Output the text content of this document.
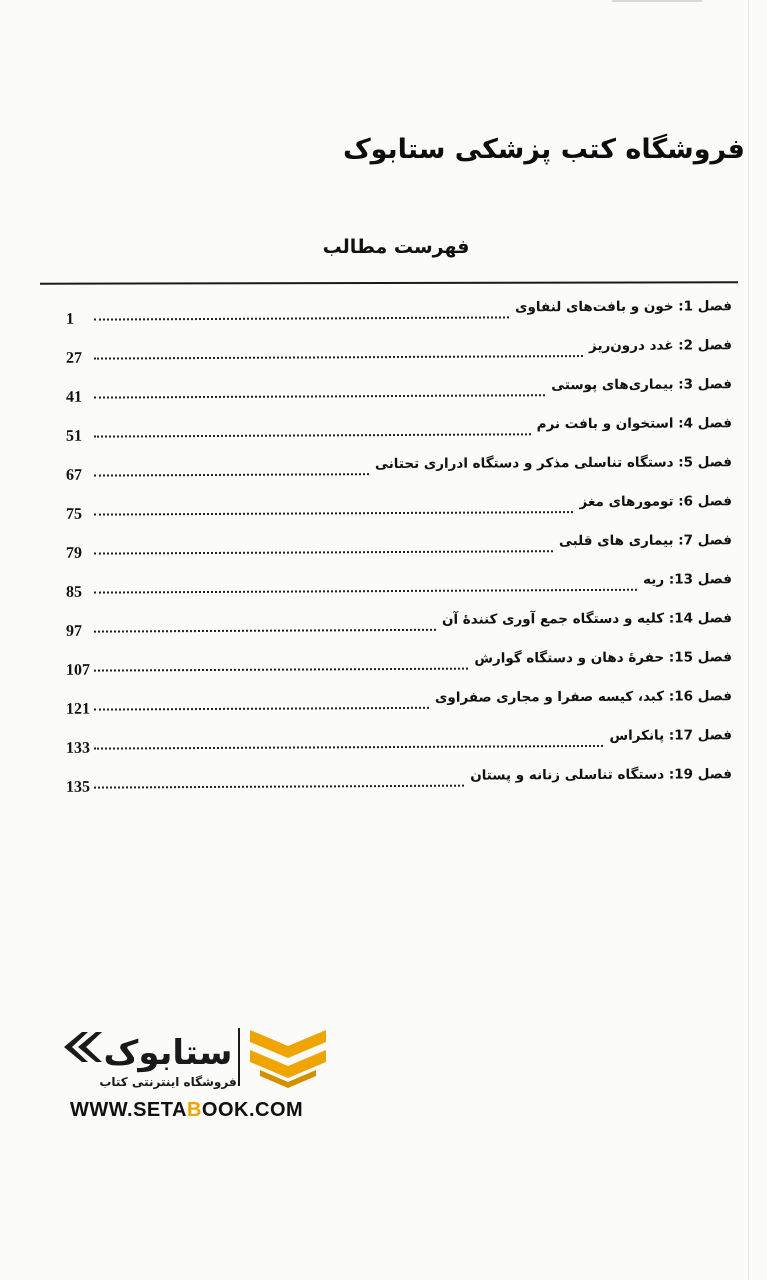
فروشگاه کتب پزشکی ستابوک
فهرست مطالب
فصل 1: خون و بافت‌های لنفاوی
1
فصل 2: غدد درون‌ریز
27
فصل 3: بیماری‌های پوستی
41
فصل 4: استخوان و بافت نرم
51
فصل 5: دستگاه تناسلی مذکر و دستگاه ادراری تحتانی
67
فصل 6: تومورهای مغز
75
فصل 7: بیماری های قلبی
79
فصل 13: ریه
85
فصل 14: کلیه و دستگاه جمع آوری کنندهٔ آن
97
فصل 15: حفرهٔ دهان و دستگاه گوارش
107
فصل 16: کبد، کیسه صفرا و مجاری صفراوی
121
فصل 17: پانکراس
133
فصل 19: دستگاه تناسلی زنانه و پستان
135
ستابوک
فروشگاه اینترنتی کتاب
WWW.SETABOOK.COM
